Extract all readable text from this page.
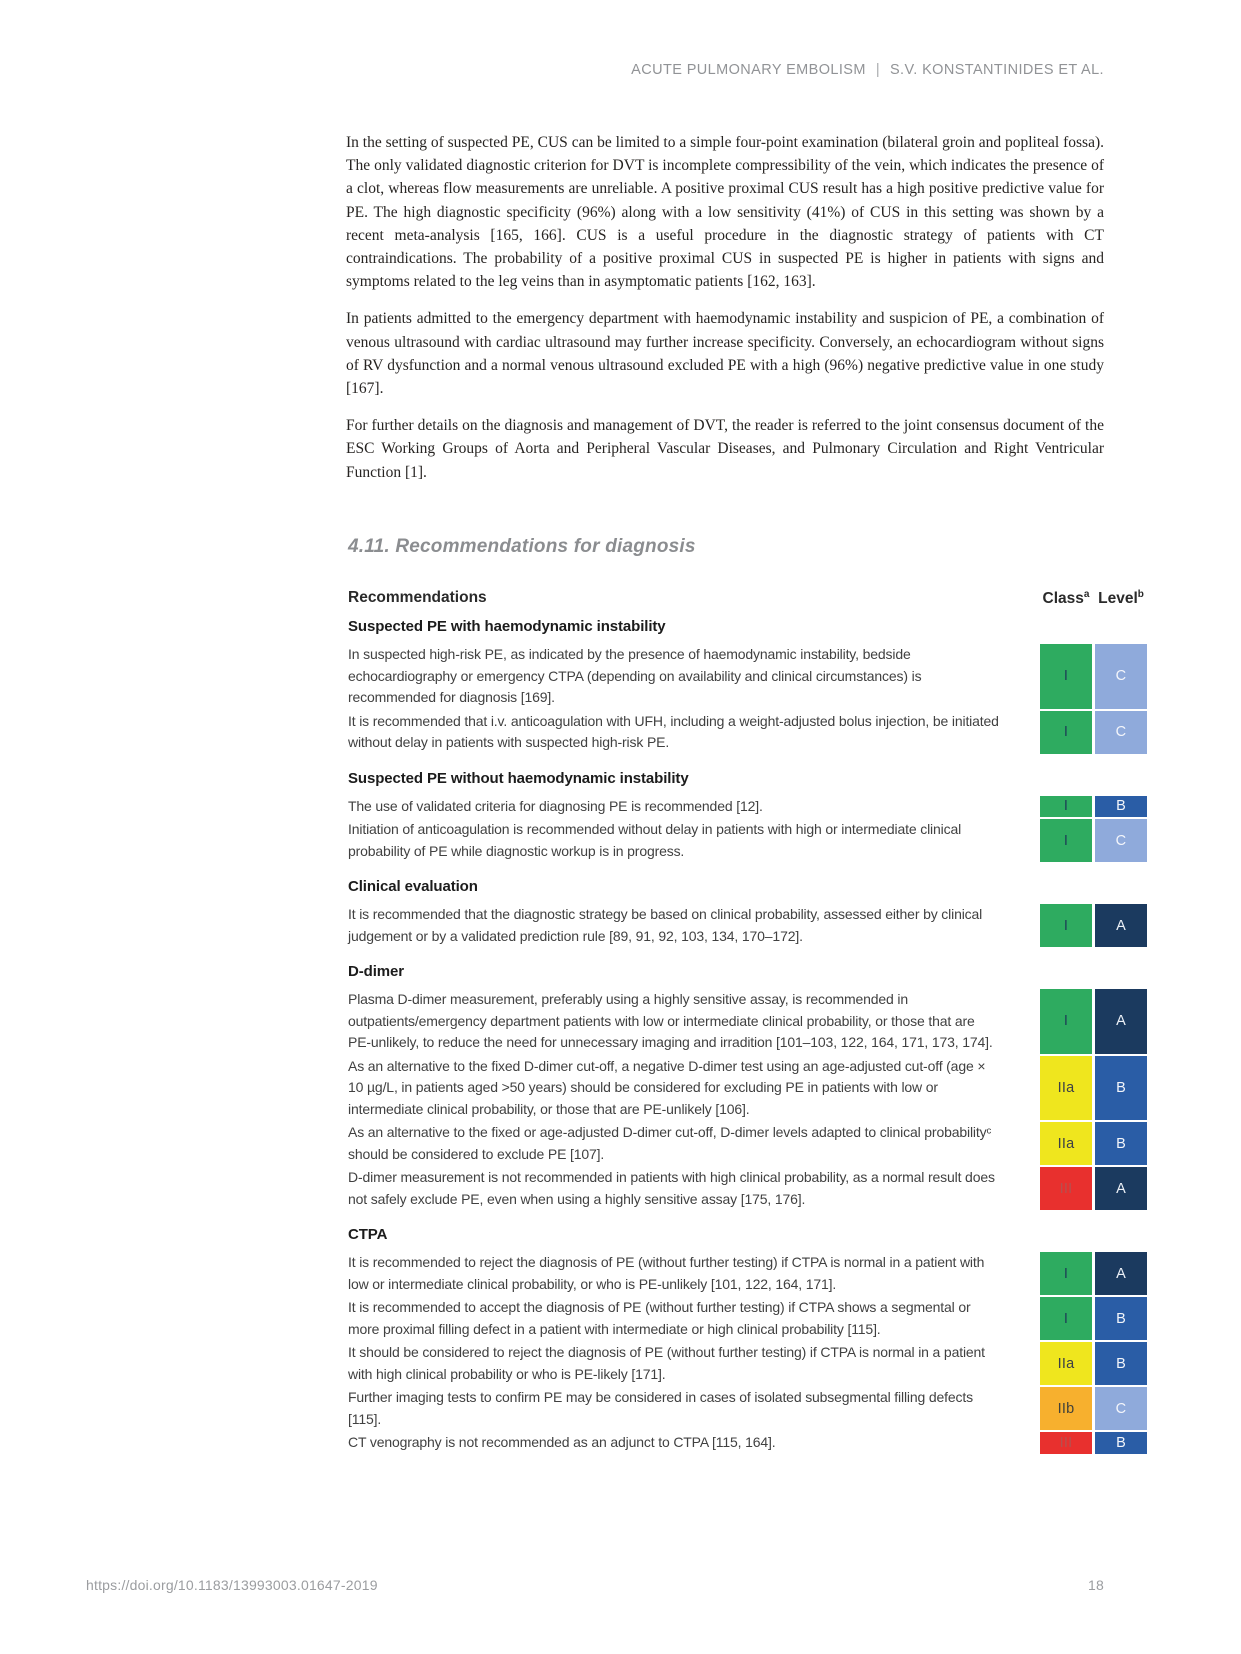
ACUTE PULMONARY EMBOLISM | S.V. KONSTANTINIDES ET AL.

In the setting of suspected PE, CUS can be limited to a simple four-point examination (bilateral groin and popliteal fossa). The only validated diagnostic criterion for DVT is incomplete compressibility of the vein, which indicates the presence of a clot, whereas flow measurements are unreliable. A positive proximal CUS result has a high positive predictive value for PE. The high diagnostic specificity (96%) along with a low sensitivity (41%) of CUS in this setting was shown by a recent meta-analysis [165, 166]. CUS is a useful procedure in the diagnostic strategy of patients with CT contraindications. The probability of a positive proximal CUS in suspected PE is higher in patients with signs and symptoms related to the leg veins than in asymptomatic patients [162, 163].

In patients admitted to the emergency department with haemodynamic instability and suspicion of PE, a combination of venous ultrasound with cardiac ultrasound may further increase specificity. Conversely, an echocardiogram without signs of RV dysfunction and a normal venous ultrasound excluded PE with a high (96%) negative predictive value in one study [167].

For further details on the diagnosis and management of DVT, the reader is referred to the joint consensus document of the ESC Working Groups of Aorta and Peripheral Vascular Diseases, and Pulmonary Circulation and Right Ventricular Function [1].

4.11. Recommendations for diagnosis
Recommendations	Class$^a$ Level$^b$
Suspected PE with haemodynamic instability
In suspected high-risk PE, as indicated by the presence of haemodynamic instability, bedside echocardiography or emergency CTPA (depending on availability and clinical circumstances) is recommended for diagnosis [169].
I	C
It is recommended that i.v. anticoagulation with UFH, including a weight-adjusted bolus injection, be initiated without delay in patients with suspected high-risk PE.
I	C
Suspected PE without haemodynamic instability
The use of validated criteria for diagnosing PE is recommended [12].	I	B
Initiation of anticoagulation is recommended without delay in patients with high or intermediate clinical probability of PE while diagnostic workup is in progress.
I	C
Clinical evaluation
It is recommended that the diagnostic strategy be based on clinical probability, assessed either by clinical judgement or by a validated prediction rule [89, 91, 92, 103, 134, 170–172].
I	A
D-dimer
Plasma D-dimer measurement, preferably using a highly sensitive assay, is recommended in outpatients/emergency department patients with low or intermediate clinical probability, or those that are PE-unlikely, to reduce the need for unnecessary imaging and irradition [101–103, 122, 164, 171, 173, 174].
I	A
As an alternative to the fixed D-dimer cut-off, a negative D-dimer test using an age-adjusted cut-off (age × 10 µg/L, in patients aged >50 years) should be considered for excluding PE in patients with low or intermediate clinical probability, or those that are PE-unlikely [106].
IIa	B
As an alternative to the fixed or age-adjusted D-dimer cut-off, D-dimer levels adapted to clinical probabilityᶜ should be considered to exclude PE [107].
IIa	B
D-dimer measurement is not recommended in patients with high clinical probability, as a normal result does not safely exclude PE, even when using a highly sensitive assay [175, 176].
III	A
CTPA
It is recommended to reject the diagnosis of PE (without further testing) if CTPA is normal in a patient with low or intermediate clinical probability, or who is PE-unlikely [101, 122, 164, 171].
I	A
It is recommended to accept the diagnosis of PE (without further testing) if CTPA shows a segmental or more proximal filling defect in a patient with intermediate or high clinical probability [115].
I	B
It should be considered to reject the diagnosis of PE (without further testing) if CTPA is normal in a patient with high clinical probability or who is PE-likely [171].
IIa	B
Further imaging tests to confirm PE may be considered in cases of isolated subsegmental filling defects [115].
IIb	C
CT venography is not recommended as an adjunct to CTPA [115, 164].	III	B
https://doi.org/10.1183/13993003.01647-2019	18
